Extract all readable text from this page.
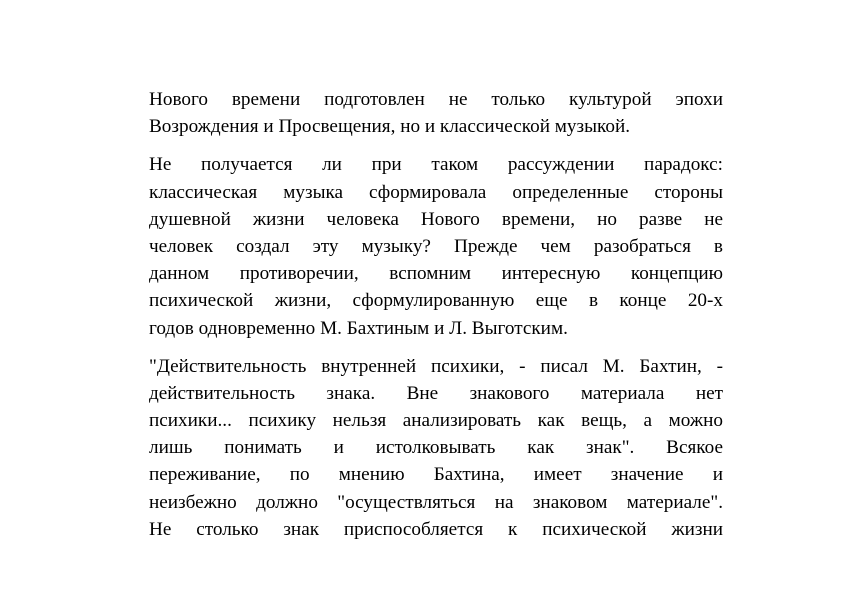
Нового времени подготовлен не только культурой эпохи
Возрождения и Просвещения, но и классической музыкой.

Не получается ли при таком рассуждении парадокс:
классическая музыка сформировала определенные стороны
душевной жизни человека Нового времени, но разве не
человек создал эту музыку? Прежде чем разобраться в
данном противоречии, вспомним интересную концепцию
психической жизни, сформулированную еще в конце 20-х
годов одновременно М. Бахтиным и Л. Выготским.

"Действительность внутренней психики, - писал М. Бахтин, -
действительность знака. Вне знакового материала нет
психики... психику нельзя анализировать как вещь, а можно
лишь понимать и истолковывать как знак". Всякое
переживание, по мнению Бахтина, имеет значение и
неизбежно должно "осуществляться на знаковом материале".
Не столько знак приспособляется к психической жизни
